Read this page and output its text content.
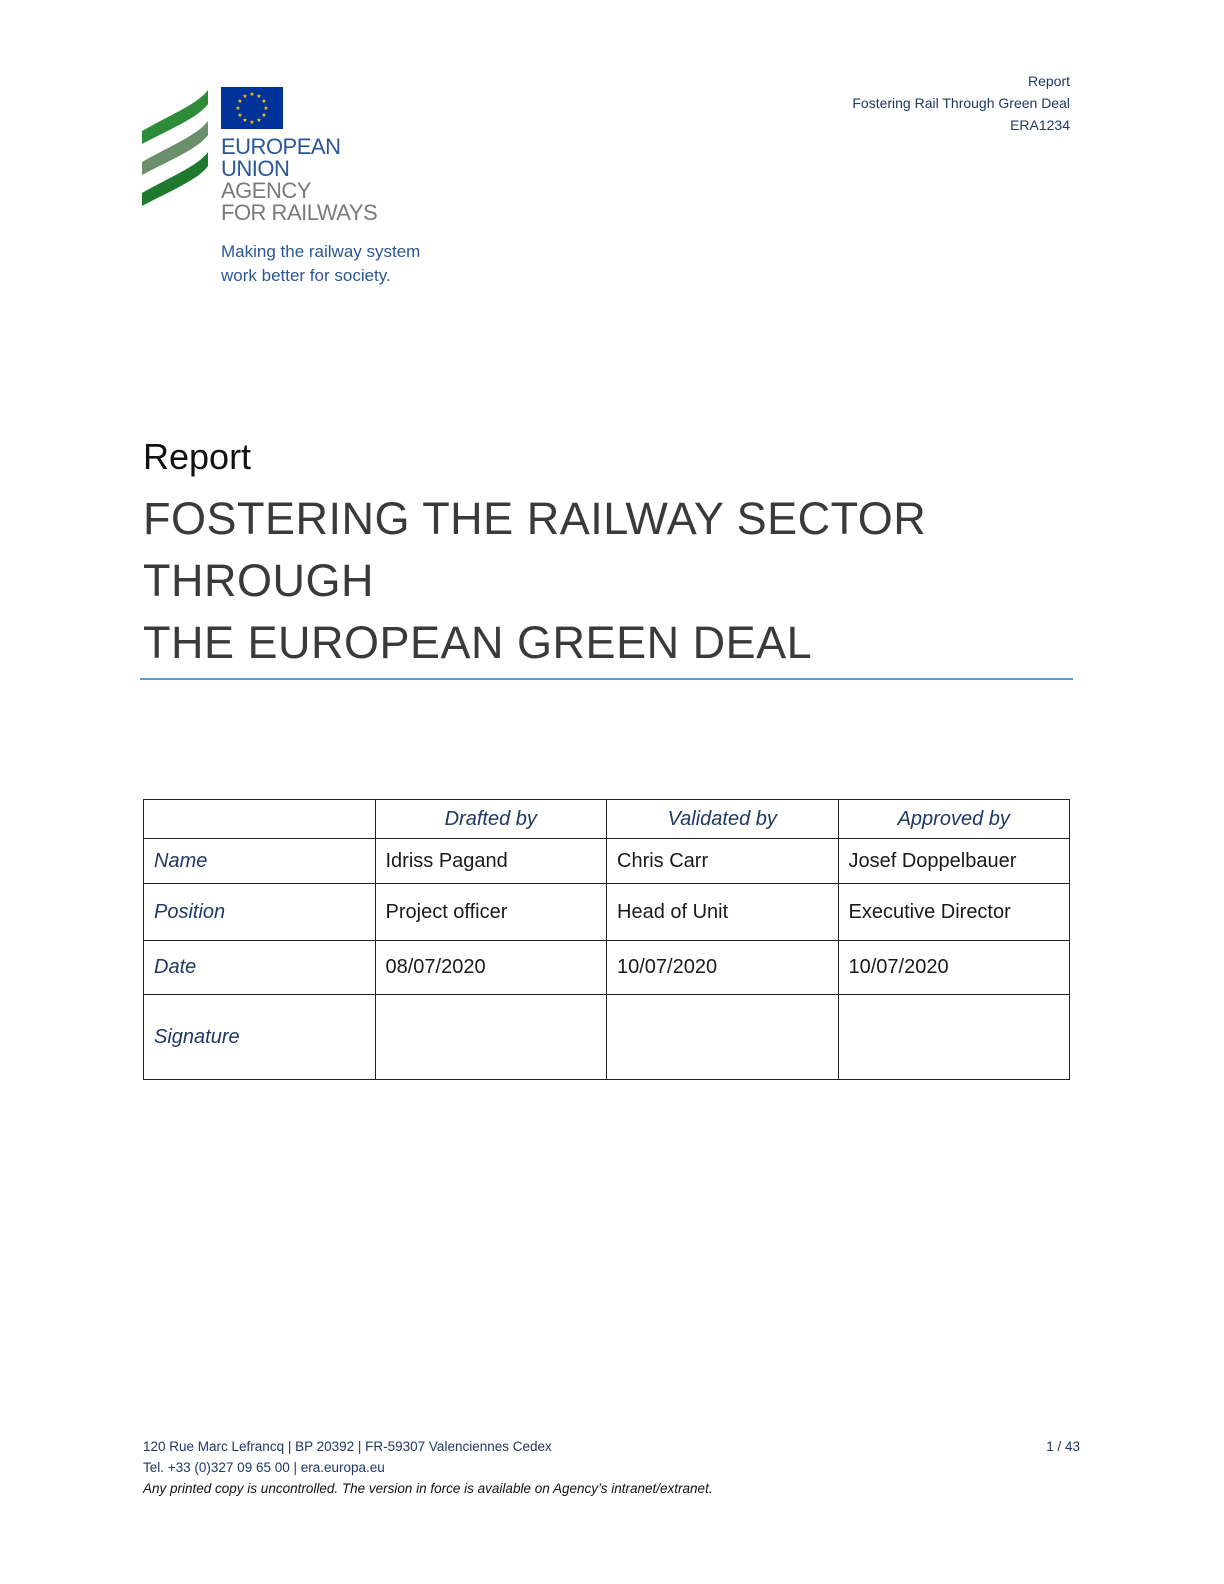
★ ★
★
★
★
★
★
★
★
★
★
★
EUROPEAN
UNION
AGENCY
FOR RAILWAYS
Making the railway system
work better for society.
Report
Fostering Rail Through Green Deal
ERA1234
Report
FOSTERING THE RAILWAY SECTOR
THROUGH
THE EUROPEAN GREEN DEAL
	Drafted by	Validated by	Approved by
Name	Idriss Pagand	Chris Carr	Josef Doppelbauer
Position	Project officer	Head of Unit	Executive Director
Date	08/07/2020	10/07/2020	10/07/2020
Signature			
120 Rue Marc Lefrancq | BP 20392 | FR-59307 Valenciennes Cedex
Tel. +33 (0)327 09 65 00 | era.europa.eu
Any printed copy is uncontrolled. The version in force is available on Agency’s intranet/extranet.
1 / 43
